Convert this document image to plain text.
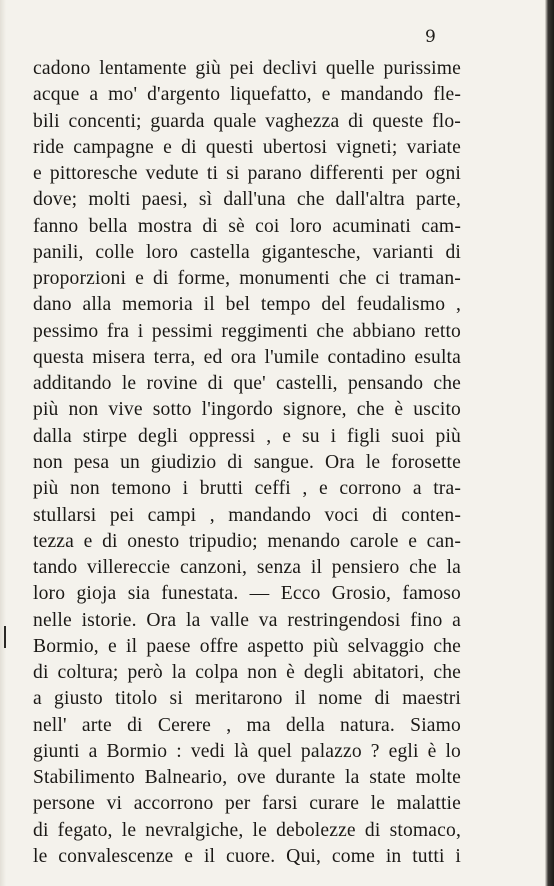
9
cadono lentamente giù pei declivi quelle purissime
acque a mo' d'argento liquefatto, e mandando fle-
bili concenti; guarda quale vaghezza di queste flo-
ride campagne e di questi ubertosi vigneti; variate
e pittoresche vedute ti si parano differenti per ogni
dove; molti paesi, sì dall'una che dall'altra parte,
fanno bella mostra di sè coi loro acuminati cam-
panili, colle loro castella gigantesche, varianti di
proporzioni e di forme, monumenti che ci traman-
dano alla memoria il bel tempo del feudalismo ,
pessimo fra i pessimi reggimenti che abbiano retto
questa misera terra, ed ora l'umile contadino esulta
additando le rovine di que' castelli, pensando che
più non vive sotto l'ingordo signore, che è uscito
dalla stirpe degli oppressi , e su i figli suoi più
non pesa un giudizio di sangue. Ora le forosette
più non temono i brutti ceffi , e corrono a tra-
stullarsi pei campi , mandando voci di conten-
tezza e di onesto tripudio; menando carole e can-
tando villereccie canzoni, senza il pensiero che la
loro gioja sia funestata. — Ecco Grosio, famoso
nelle istorie. Ora la valle va restringendosi fino a
Bormio, e il paese offre aspetto più selvaggio che
di coltura; però la colpa non è degli abitatori, che
a giusto titolo si meritarono il nome di maestri
nell' arte di Cerere , ma della natura. Siamo
giunti a Bormio : vedi là quel palazzo ? egli è lo
Stabilimento Balneario, ove durante la state molte
persone vi accorrono per farsi curare le malattie
di fegato, le nevralgiche, le debolezze di stomaco,
le convalescenze e il cuore. Qui, come in tutti i
